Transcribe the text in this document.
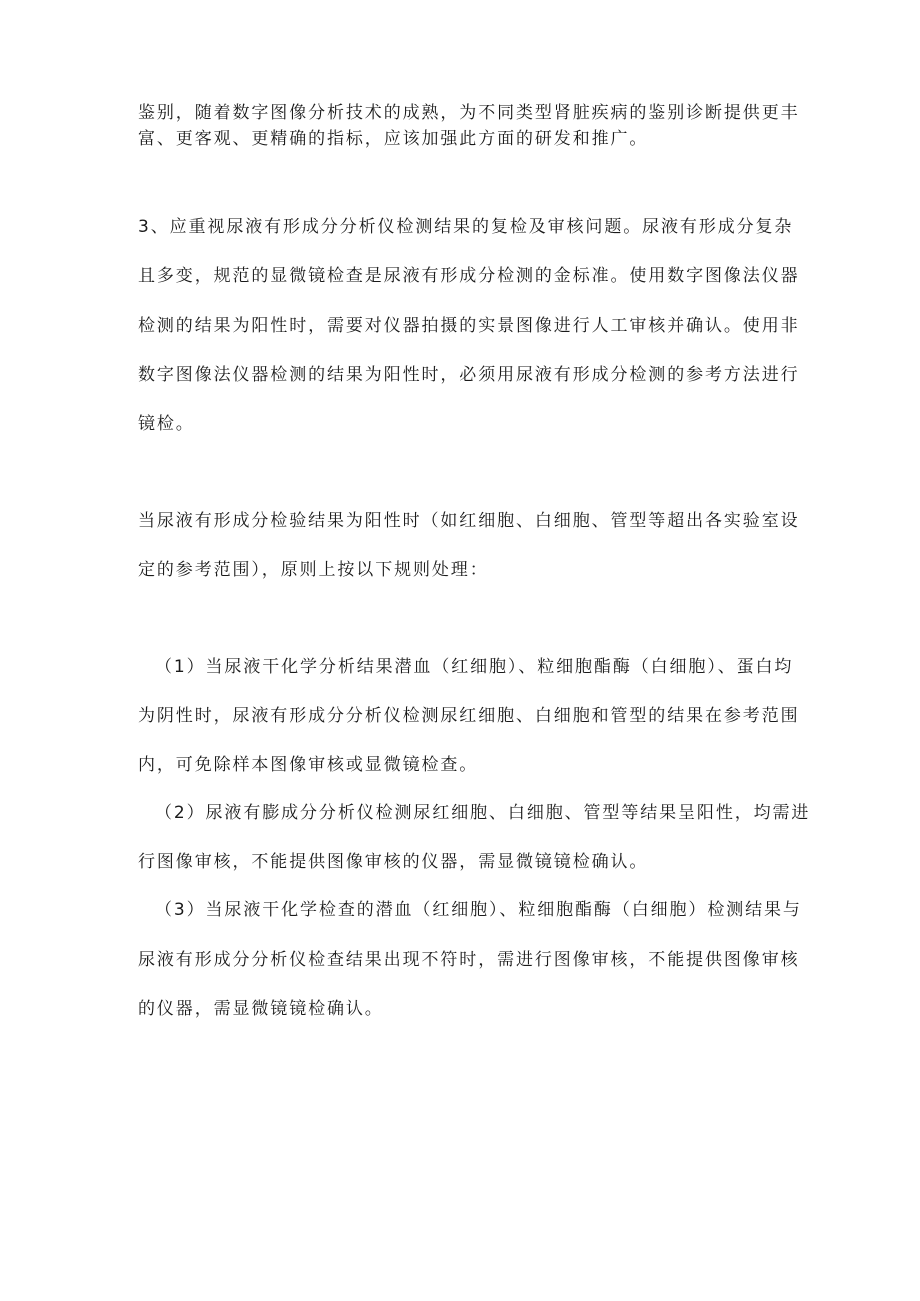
鉴别，随着数字图像分析技术的成熟，为不同类型肾脏疾病的鉴别诊断提供更丰

富、更客观、更精确的指标，应该加强此方面的研发和推广。

3、应重视尿液有形成分分析仪检测结果的复检及审核问题。尿液有形成分复杂

且多变，规范的显微镜检查是尿液有形成分检测的金标准。使用数字图像法仪器

检测的结果为阳性时，需要对仪器拍摄的实景图像进行人工审核并确认。使用非

数字图像法仪器检测的结果为阳性时，必须用尿液有形成分检测的参考方法进行

镜检。

当尿液有形成分检验结果为阳性时（如红细胞、白细胞、管型等超出各实验室设

定的参考范围），原则上按以下规则处理：

（1）当尿液干化学分析结果潜血（红细胞）、粒细胞酯酶（白细胞）、蛋白均

为阴性时，尿液有形成分分析仪检测尿红细胞、白细胞和管型的结果在参考范围

内，可免除样本图像审核或显微镜检查。

（2）尿液有膨成分分析仪检测尿红细胞、白细胞、管型等结果呈阳性，均需进

行图像审核，不能提供图像审核的仪器，需显微镜镜检确认。

（3）当尿液干化学检查的潜血（红细胞）、粒细胞酯酶（白细胞）检测结果与

尿液有形成分分析仪检查结果出现不符时，需进行图像审核，不能提供图像审核

的仪器，需显微镜镜检确认。
